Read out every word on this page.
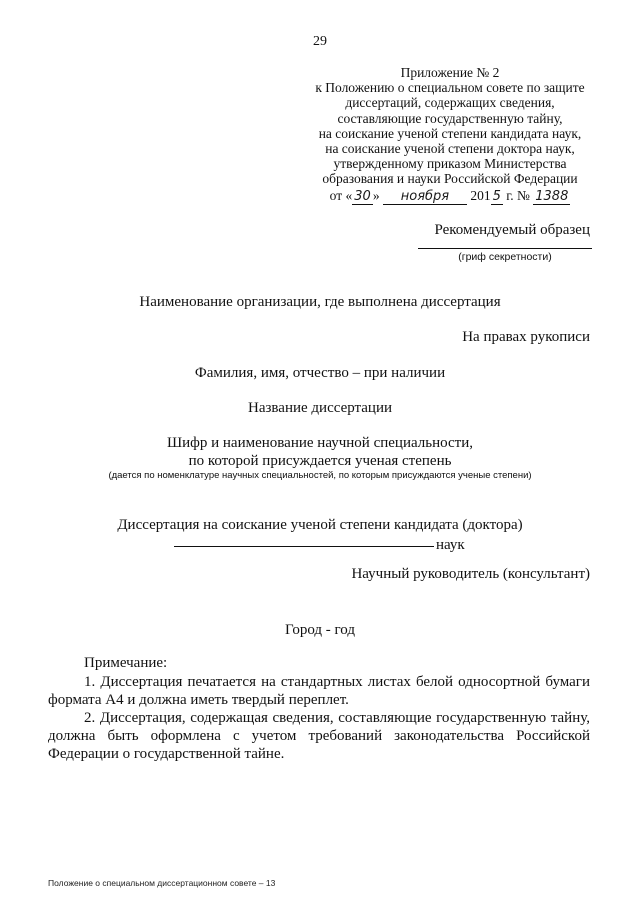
29
Приложение № 2
к Положению о специальном совете по защите
диссертаций, содержащих сведения,
составляющие государственную тайну,
на соискание ученой степени кандидата наук,
на соискание ученой степени доктора наук,
утвержденному приказом Министерства
образования и науки Российской Федерации
от « 30 » ноября 201 5 г. № 1388
Рекомендуемый образец
(гриф секретности)
Наименование организации, где выполнена диссертация
На правах рукописи
Фамилия, имя, отчество – при наличии
Название диссертации
Шифр и наименование научной специальности,
по которой присуждается ученая степень
(дается по номенклатуре научных специальностей, по которым присуждаются ученые степени)
Диссертация на соискание ученой степени кандидата (доктора)
наук
Научный руководитель (консультант)
Город - год
Примечание:

1. Диссертация печатается на стандартных листах белой односортной бумаги формата А4 и должна иметь твердый переплет.

2. Диссертация, содержащая сведения, составляющие государственную тайну, должна быть оформлена с учетом требований законодательства Российской Федерации о государственной тайне.

Положение о специальном диссертационном совете – 13
